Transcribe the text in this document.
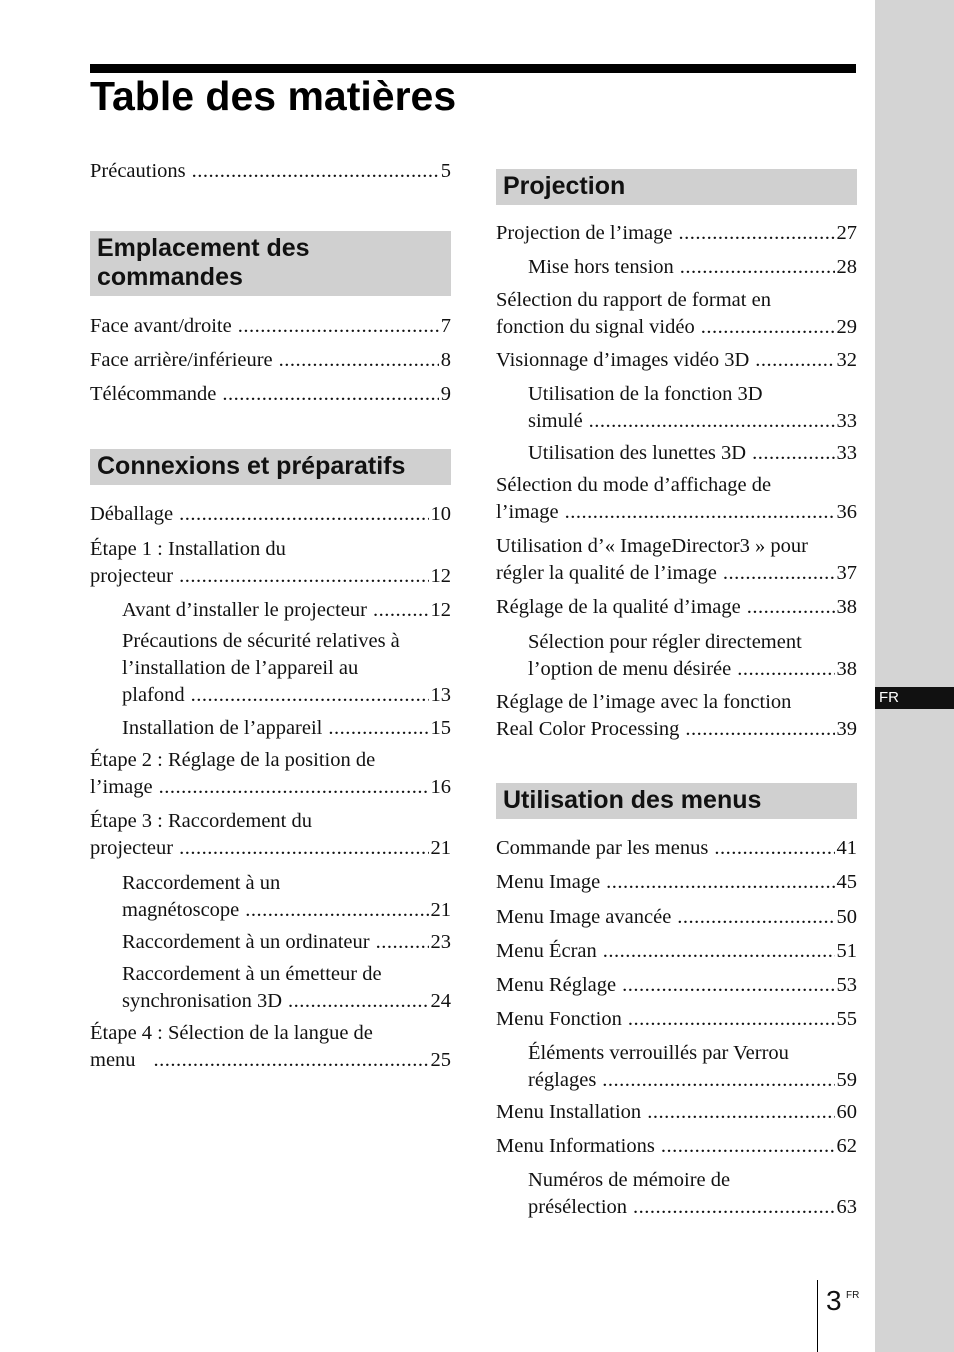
FR
Table des matières
Précautions .....	5
Emplacement des commandes
Face avant/droite .....	7
Face arrière/inférieure .....	8
Télécommande .....	9
Connexions et préparatifs
Déballage .....	10
Étape 1 : Installation du
projecteur .....	12
Avant d’installer le projecteur .....	12
Précautions de sécurité relatives à
l’installation de l’appareil au
plafond .....	13
Installation de l’appareil .....	15
Étape 2 : Réglage de la position de
l’image .....	16
Étape 3 : Raccordement du
projecteur .....	21
Raccordement à un
magnétoscope .....	21
Raccordement à un ordinateur .....	23
Raccordement à un émetteur de
synchronisation 3D .....	24
Étape 4 : Sélection de la langue de
menu .....	25
Projection
Projection de l’image .....	27
Mise hors tension .....	28
Sélection du rapport de format en
fonction du signal vidéo .....	29
Visionnage d’images vidéo 3D .....	32
Utilisation de la fonction 3D
simulé .....	33
Utilisation des lunettes 3D .....	33
Sélection du mode d’affichage de
l’image .....	36
Utilisation d’« ImageDirector3 » pour
régler la qualité de l’image .....	37
Réglage de la qualité d’image .....	38
Sélection pour régler directement
l’option de menu désirée .....	38
Réglage de l’image avec la fonction
Real Color Processing .....	39
Utilisation des menus
Commande par les menus .....	41
Menu Image .....	45
Menu Image avancée .....	50
Menu Écran .....	51
Menu Réglage .....	53
Menu Fonction .....	55
Éléments verrouillés par Verrou
réglages .....	59
Menu Installation .....	60
Menu Informations .....	62
Numéros de mémoire de
présélection .....	63
3 FR
